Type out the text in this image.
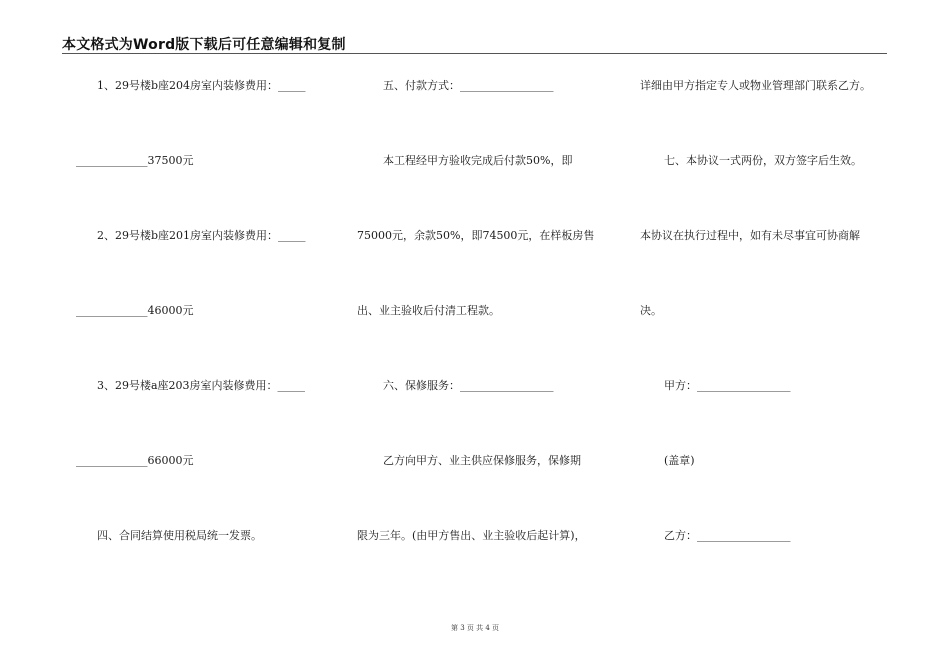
本文格式为Word版下载后可任意编辑和复制
1、29号楼b座204房室内装修费用：_____
_____________37500元
2、29号楼b座201房室内装修费用：_____
_____________46000元
3、29号楼a座203房室内装修费用：_____
_____________66000元
四、合同结算使用税局统一发票。
五、付款方式：_________________
本工程经甲方验收完成后付款50%，即
75000元，余款50%，即74500元，在样板房售
出、业主验收后付清工程款。
六、保修服务：_________________
乙方向甲方、业主供应保修服务，保修期
限为三年。(由甲方售出、业主验收后起计算)，
详细由甲方指定专人或物业管理部门联系乙方。
七、本协议一式两份，双方签字后生效。
本协议在执行过程中，如有未尽事宜可协商解
决。
甲方：_________________
(盖章)
乙方：_________________
第 3 页 共 4 页
